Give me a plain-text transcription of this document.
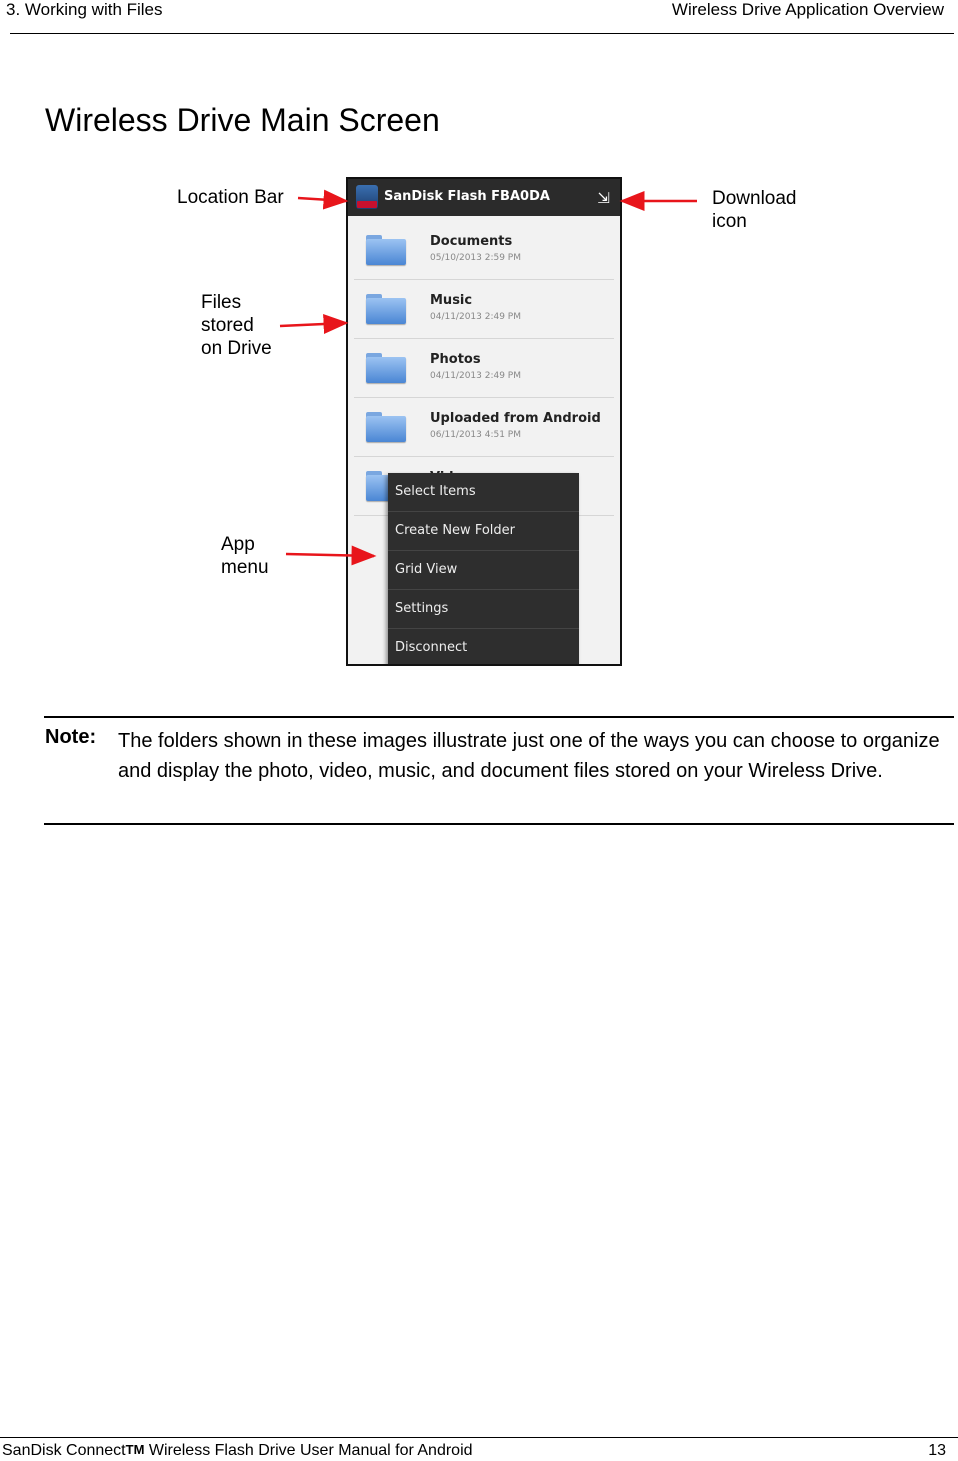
3. Working with Files	Wireless Drive Application Overview
Wireless Drive Main Screen
Location Bar	Download
icon
Files
stored
on Drive
App
menu
SanDisk Flash FBA0DA	⇲
Documents
05/10/2013 2:59 PM
Music
04/11/2013 2:49 PM
Photos
04/11/2013 2:49 PM
Uploaded from Android
06/11/2013 4:51 PM
Select Items
Create New Folder
Grid View
Settings
Disconnect
Note: The folders shown in these images illustrate just one of the ways you can choose to organize and display the photo, video, music, and document files stored on your Wireless Drive.
SanDisk Connect™ Wireless Flash Drive User Manual for Android	13
